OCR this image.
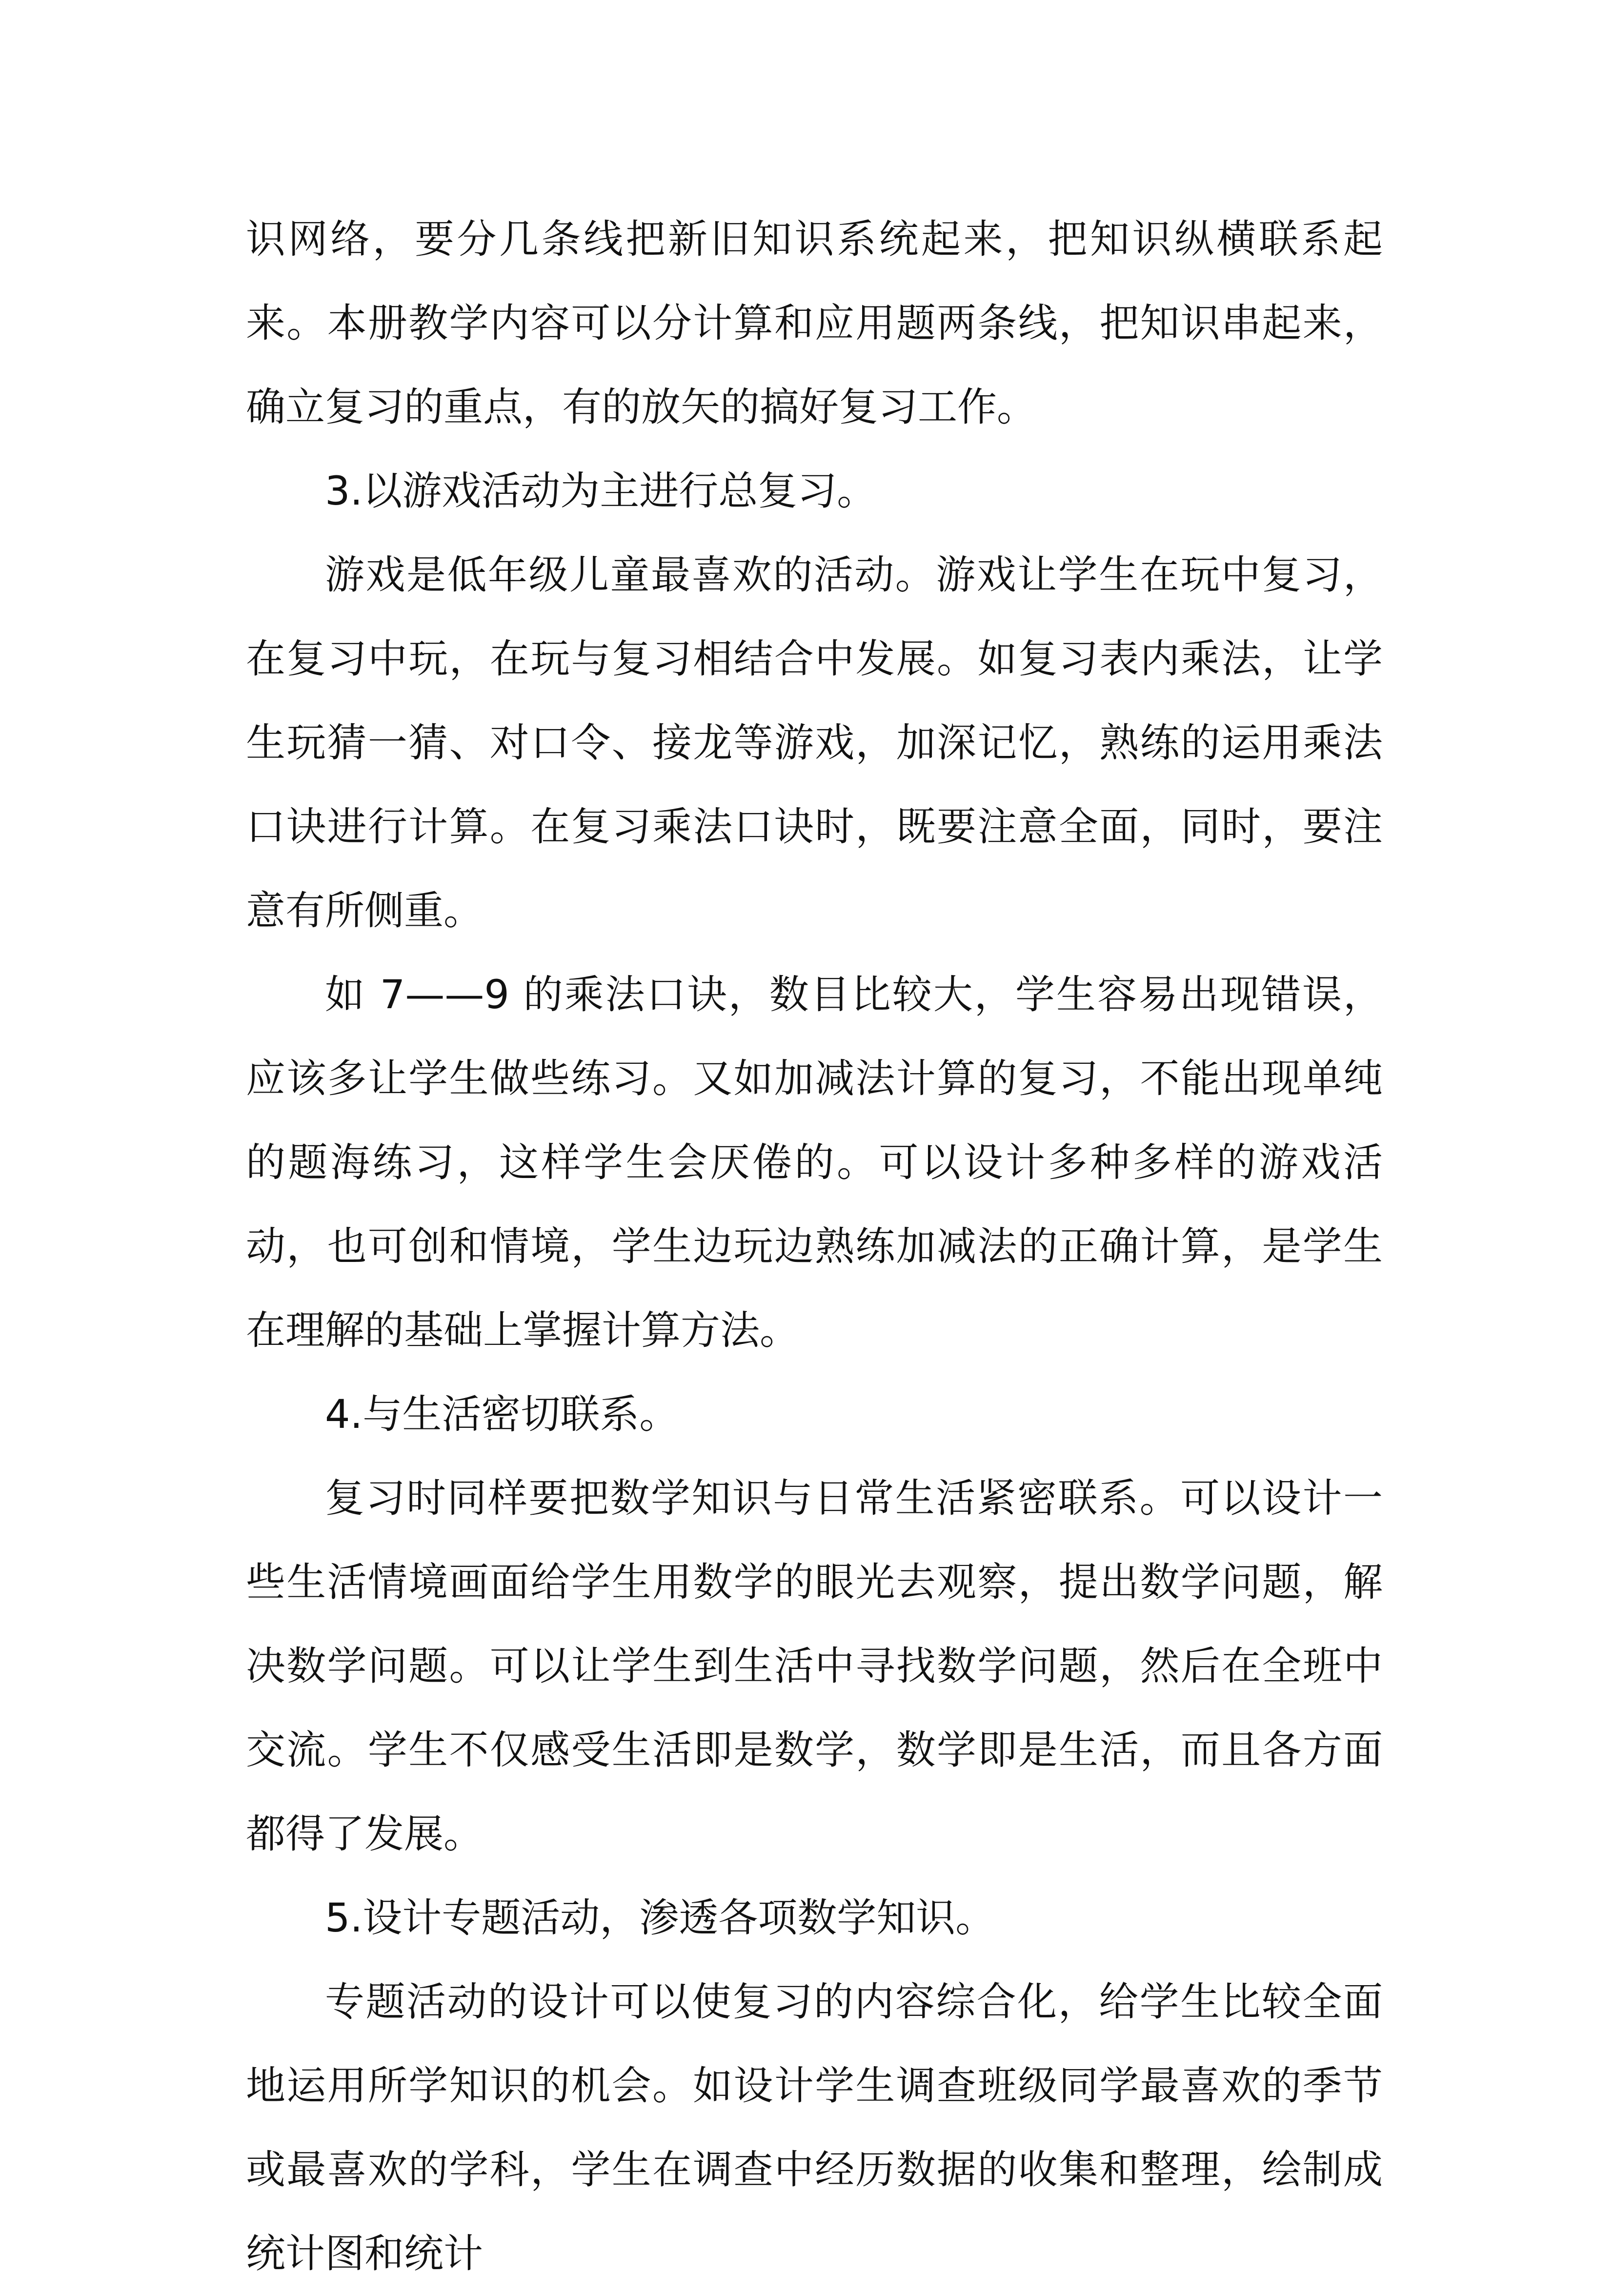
识网络，要分几条线把新旧知识系统起来，把知识纵横联系起来。本册教学内容可以分计算和应用题两条线，把知识串起来，确立复习的重点，有的放矢的搞好复习工作。

3.以游戏活动为主进行总复习。

游戏是低年级儿童最喜欢的活动。游戏让学生在玩中复习，在复习中玩，在玩与复习相结合中发展。如复习表内乘法，让学生玩猜一猜、对口令、接龙等游戏，加深记忆，熟练的运用乘法口诀进行计算。在复习乘法口诀时，既要注意全面，同时，要注意有所侧重。

如 7——9 的乘法口诀，数目比较大，学生容易出现错误，应该多让学生做些练习。又如加减法计算的复习，不能出现单纯的题海练习，这样学生会厌倦的。可以设计多种多样的游戏活动，也可创和情境，学生边玩边熟练加减法的正确计算，是学生在理解的基础上掌握计算方法。

4.与生活密切联系。

复习时同样要把数学知识与日常生活紧密联系。可以设计一些生活情境画面给学生用数学的眼光去观察，提出数学问题，解决数学问题。可以让学生到生活中寻找数学问题，然后在全班中交流。学生不仅感受生活即是数学，数学即是生活，而且各方面都得了发展。

5.设计专题活动，渗透各项数学知识。

专题活动的设计可以使复习的内容综合化，给学生比较全面地运用所学知识的机会。如设计学生调查班级同学最喜欢的季节或最喜欢的学科，学生在调查中经历数据的收集和整理，绘制成统计图和统计
